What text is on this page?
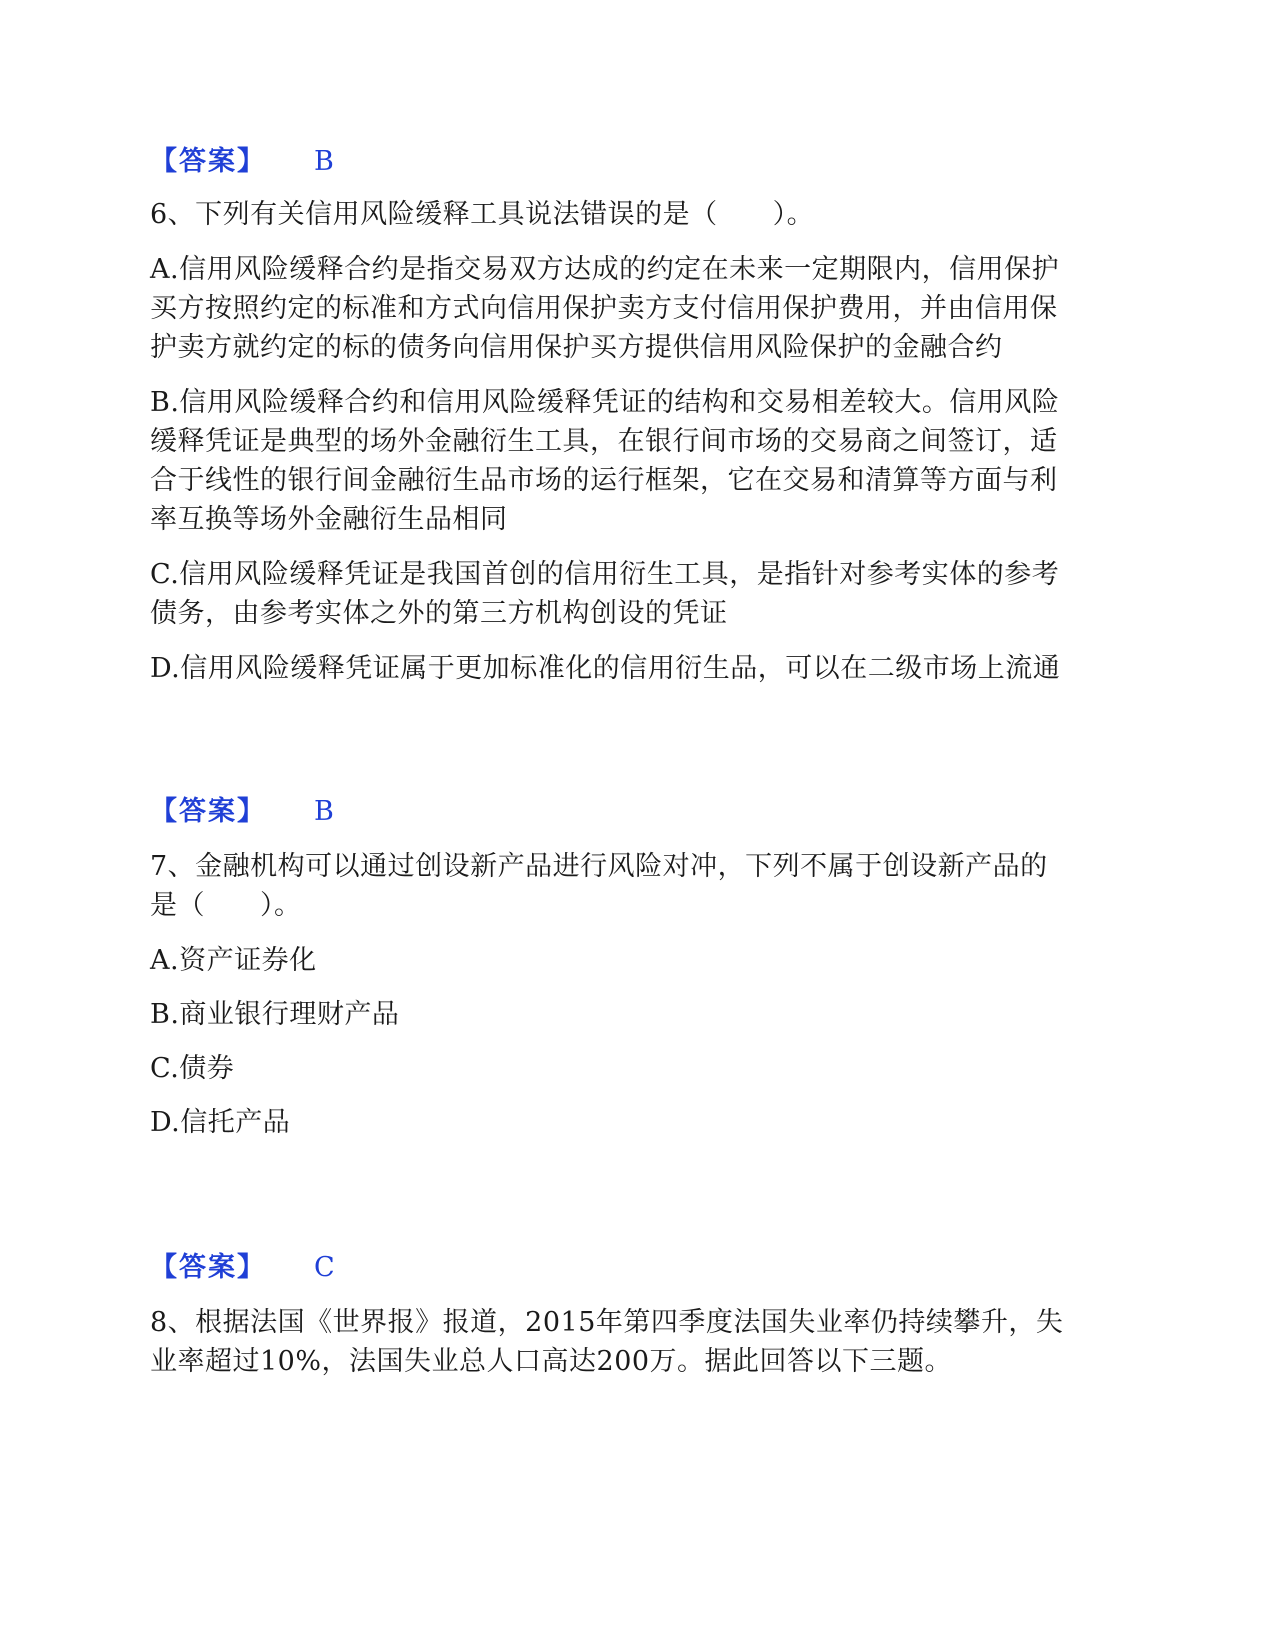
【答案】 B
6、下列有关信用风险缓释工具说法错误的是（　　）。
A.信用风险缓释合约是指交易双方达成的约定在未来一定期限内，信用保护
买方按照约定的标准和方式向信用保护卖方支付信用保护费用，并由信用保
护卖方就约定的标的债务向信用保护买方提供信用风险保护的金融合约
B.信用风险缓释合约和信用风险缓释凭证的结构和交易相差较大。信用风险
缓释凭证是典型的场外金融衍生工具，在银行间市场的交易商之间签订，适
合于线性的银行间金融衍生品市场的运行框架，它在交易和清算等方面与利
率互换等场外金融衍生品相同
C.信用风险缓释凭证是我国首创的信用衍生工具，是指针对参考实体的参考
债务，由参考实体之外的第三方机构创设的凭证
D.信用风险缓释凭证属于更加标准化的信用衍生品，可以在二级市场上流通
【答案】 B
7、金融机构可以通过创设新产品进行风险对冲，下列不属于创设新产品的
是（　　）。
A.资产证券化
B.商业银行理财产品
C.债券
D.信托产品
【答案】 C
8、根据法国《世界报》报道，2015年第四季度法国失业率仍持续攀升，失
业率超过10%，法国失业总人口高达200万。据此回答以下三题。
